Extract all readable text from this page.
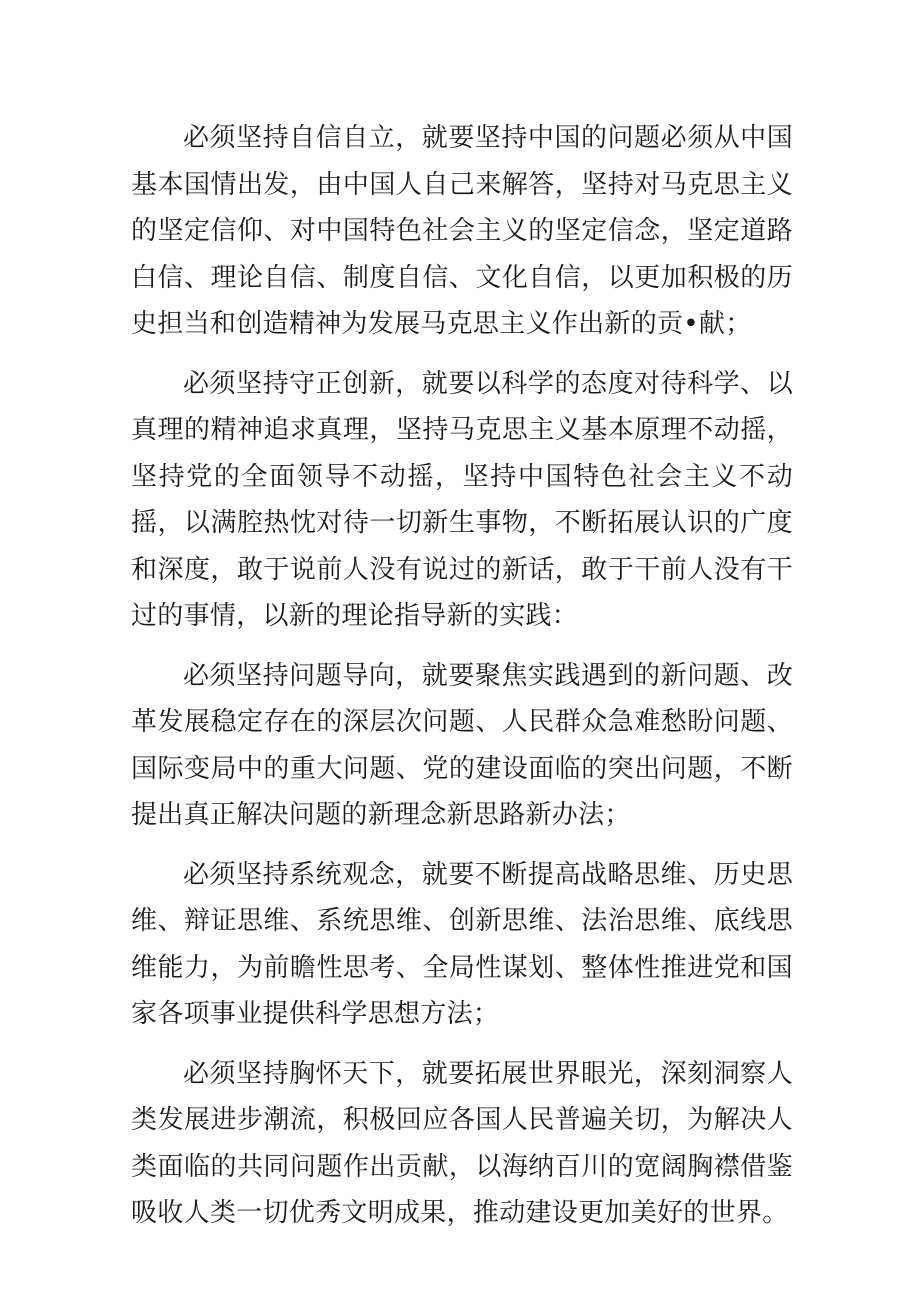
必须坚持自信自立，就要坚持中国的问题必须从中国基本国情出发，由中国人自己来解答，坚持对马克思主义的坚定信仰、对中国特色社会主义的坚定信念，坚定道路白信、理论自信、制度自信、文化自信，以更加积极的历史担当和创造精神为发展马克思主义作出新的贡•献；

必须坚持守正创新，就要以科学的态度对待科学、以真理的精神追求真理，坚持马克思主义基本原理不动摇，坚持党的全面领导不动摇，坚持中国特色社会主义不动摇，以满腔热忱对待一切新生事物，不断拓展认识的广度和深度，敢于说前人没有说过的新话，敢于干前人没有干过的事情，以新的理论指导新的实践：

必须坚持问题导向，就要聚焦实践遇到的新问题、改革发展稳定存在的深层次问题、人民群众急难愁盼问题、国际变局中的重大问题、党的建设面临的突出问题，不断提出真正解决问题的新理念新思路新办法；

必须坚持系统观念，就要不断提高战略思维、历史思维、辩证思维、系统思维、创新思维、法治思维、底线思维能力，为前瞻性思考、全局性谋划、整体性推进党和国家各项事业提供科学思想方法；

必须坚持胸怀天下，就要拓展世界眼光，深刻洞察人类发展进步潮流，积极回应各国人民普遍关切，为解决人类面临的共同问题作出贡献，以海纳百川的宽阔胸襟借鉴吸收人类一切优秀文明成果，推动建设更加美好的世界。
